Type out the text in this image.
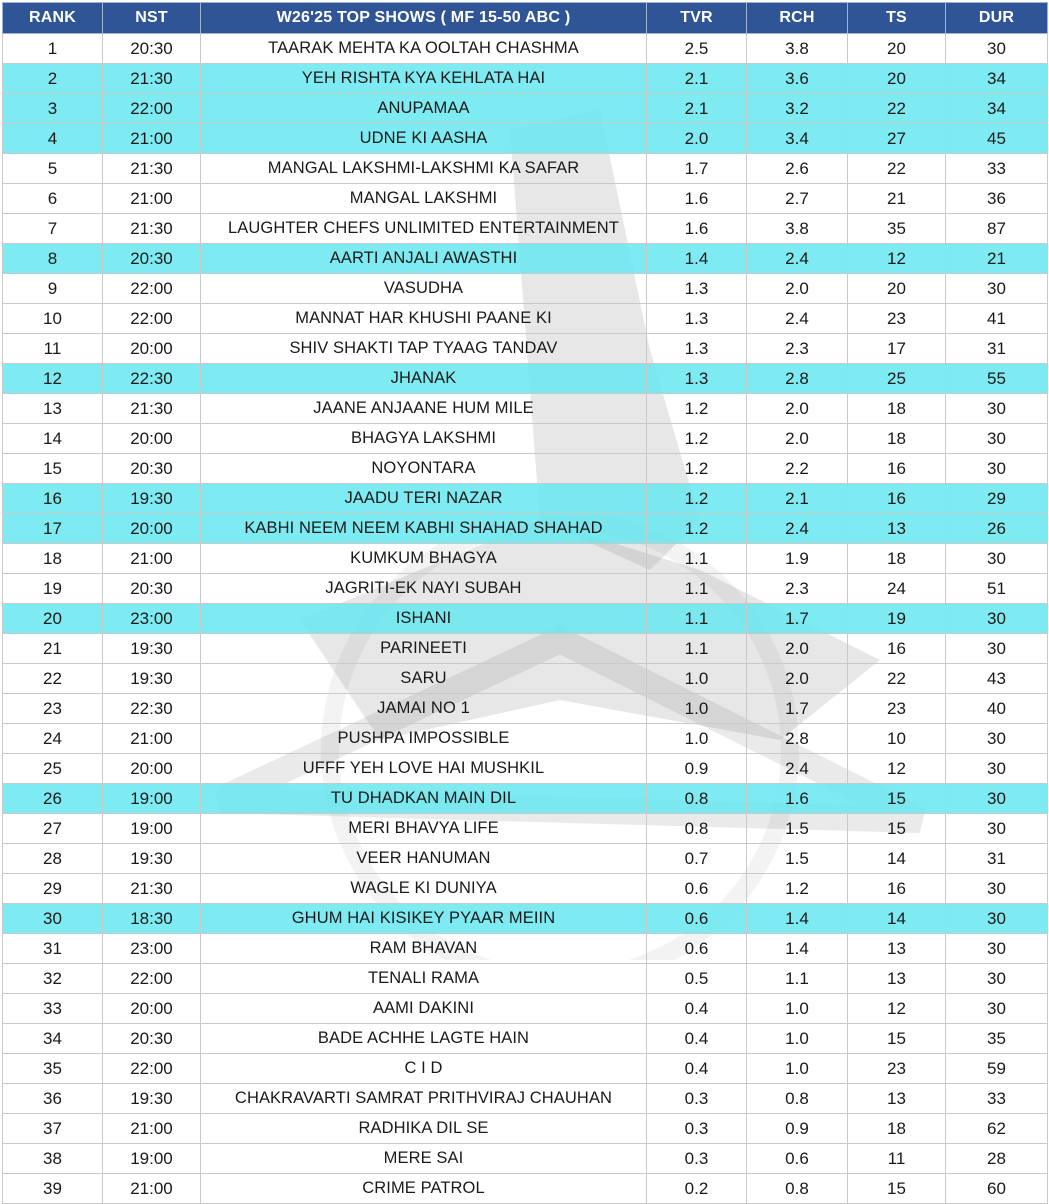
RANK	NST	W26'25 TOP SHOWS ( MF 15-50 ABC )	TVR	RCH	TS	DUR
1	20:30	TAARAK MEHTA KA OOLTAH CHASHMA	2.5	3.8	20	30
2	21:30	YEH RISHTA KYA KEHLATA HAI	2.1	3.6	20	34
3	22:00	ANUPAMAA	2.1	3.2	22	34
4	21:00	UDNE KI AASHA	2.0	3.4	27	45
5	21:30	MANGAL LAKSHMI-LAKSHMI KA SAFAR	1.7	2.6	22	33
6	21:00	MANGAL LAKSHMI	1.6	2.7	21	36
7	21:30	LAUGHTER CHEFS UNLIMITED ENTERTAINMENT	1.6	3.8	35	87
8	20:30	AARTI ANJALI AWASTHI	1.4	2.4	12	21
9	22:00	VASUDHA	1.3	2.0	20	30
10	22:00	MANNAT HAR KHUSHI PAANE KI	1.3	2.4	23	41
11	20:00	SHIV SHAKTI TAP TYAAG TANDAV	1.3	2.3	17	31
12	22:30	JHANAK	1.3	2.8	25	55
13	21:30	JAANE ANJAANE HUM MILE	1.2	2.0	18	30
14	20:00	BHAGYA LAKSHMI	1.2	2.0	18	30
15	20:30	NOYONTARA	1.2	2.2	16	30
16	19:30	JAADU TERI NAZAR	1.2	2.1	16	29
17	20:00	KABHI NEEM NEEM KABHI SHAHAD SHAHAD	1.2	2.4	13	26
18	21:00	KUMKUM BHAGYA	1.1	1.9	18	30
19	20:30	JAGRITI-EK NAYI SUBAH	1.1	2.3	24	51
20	23:00	ISHANI	1.1	1.7	19	30
21	19:30	PARINEETI	1.1	2.0	16	30
22	19:30	SARU	1.0	2.0	22	43
23	22:30	JAMAI NO 1	1.0	1.7	23	40
24	21:00	PUSHPA IMPOSSIBLE	1.0	2.8	10	30
25	20:00	UFFF YEH LOVE HAI MUSHKIL	0.9	2.4	12	30
26	19:00	TU DHADKAN MAIN DIL	0.8	1.6	15	30
27	19:00	MERI BHAVYA LIFE	0.8	1.5	15	30
28	19:30	VEER HANUMAN	0.7	1.5	14	31
29	21:30	WAGLE KI DUNIYA	0.6	1.2	16	30
30	18:30	GHUM HAI KISIKEY PYAAR MEIIN	0.6	1.4	14	30
31	23:00	RAM BHAVAN	0.6	1.4	13	30
32	22:00	TENALI RAMA	0.5	1.1	13	30
33	20:00	AAMI DAKINI	0.4	1.0	12	30
34	20:30	BADE ACHHE LAGTE HAIN	0.4	1.0	15	35
35	22:00	C I D	0.4	1.0	23	59
36	19:30	CHAKRAVARTI SAMRAT PRITHVIRAJ CHAUHAN	0.3	0.8	13	33
37	21:00	RADHIKA DIL SE	0.3	0.9	18	62
38	19:00	MERE SAI	0.3	0.6	11	28
39	21:00	CRIME PATROL	0.2	0.8	15	60
